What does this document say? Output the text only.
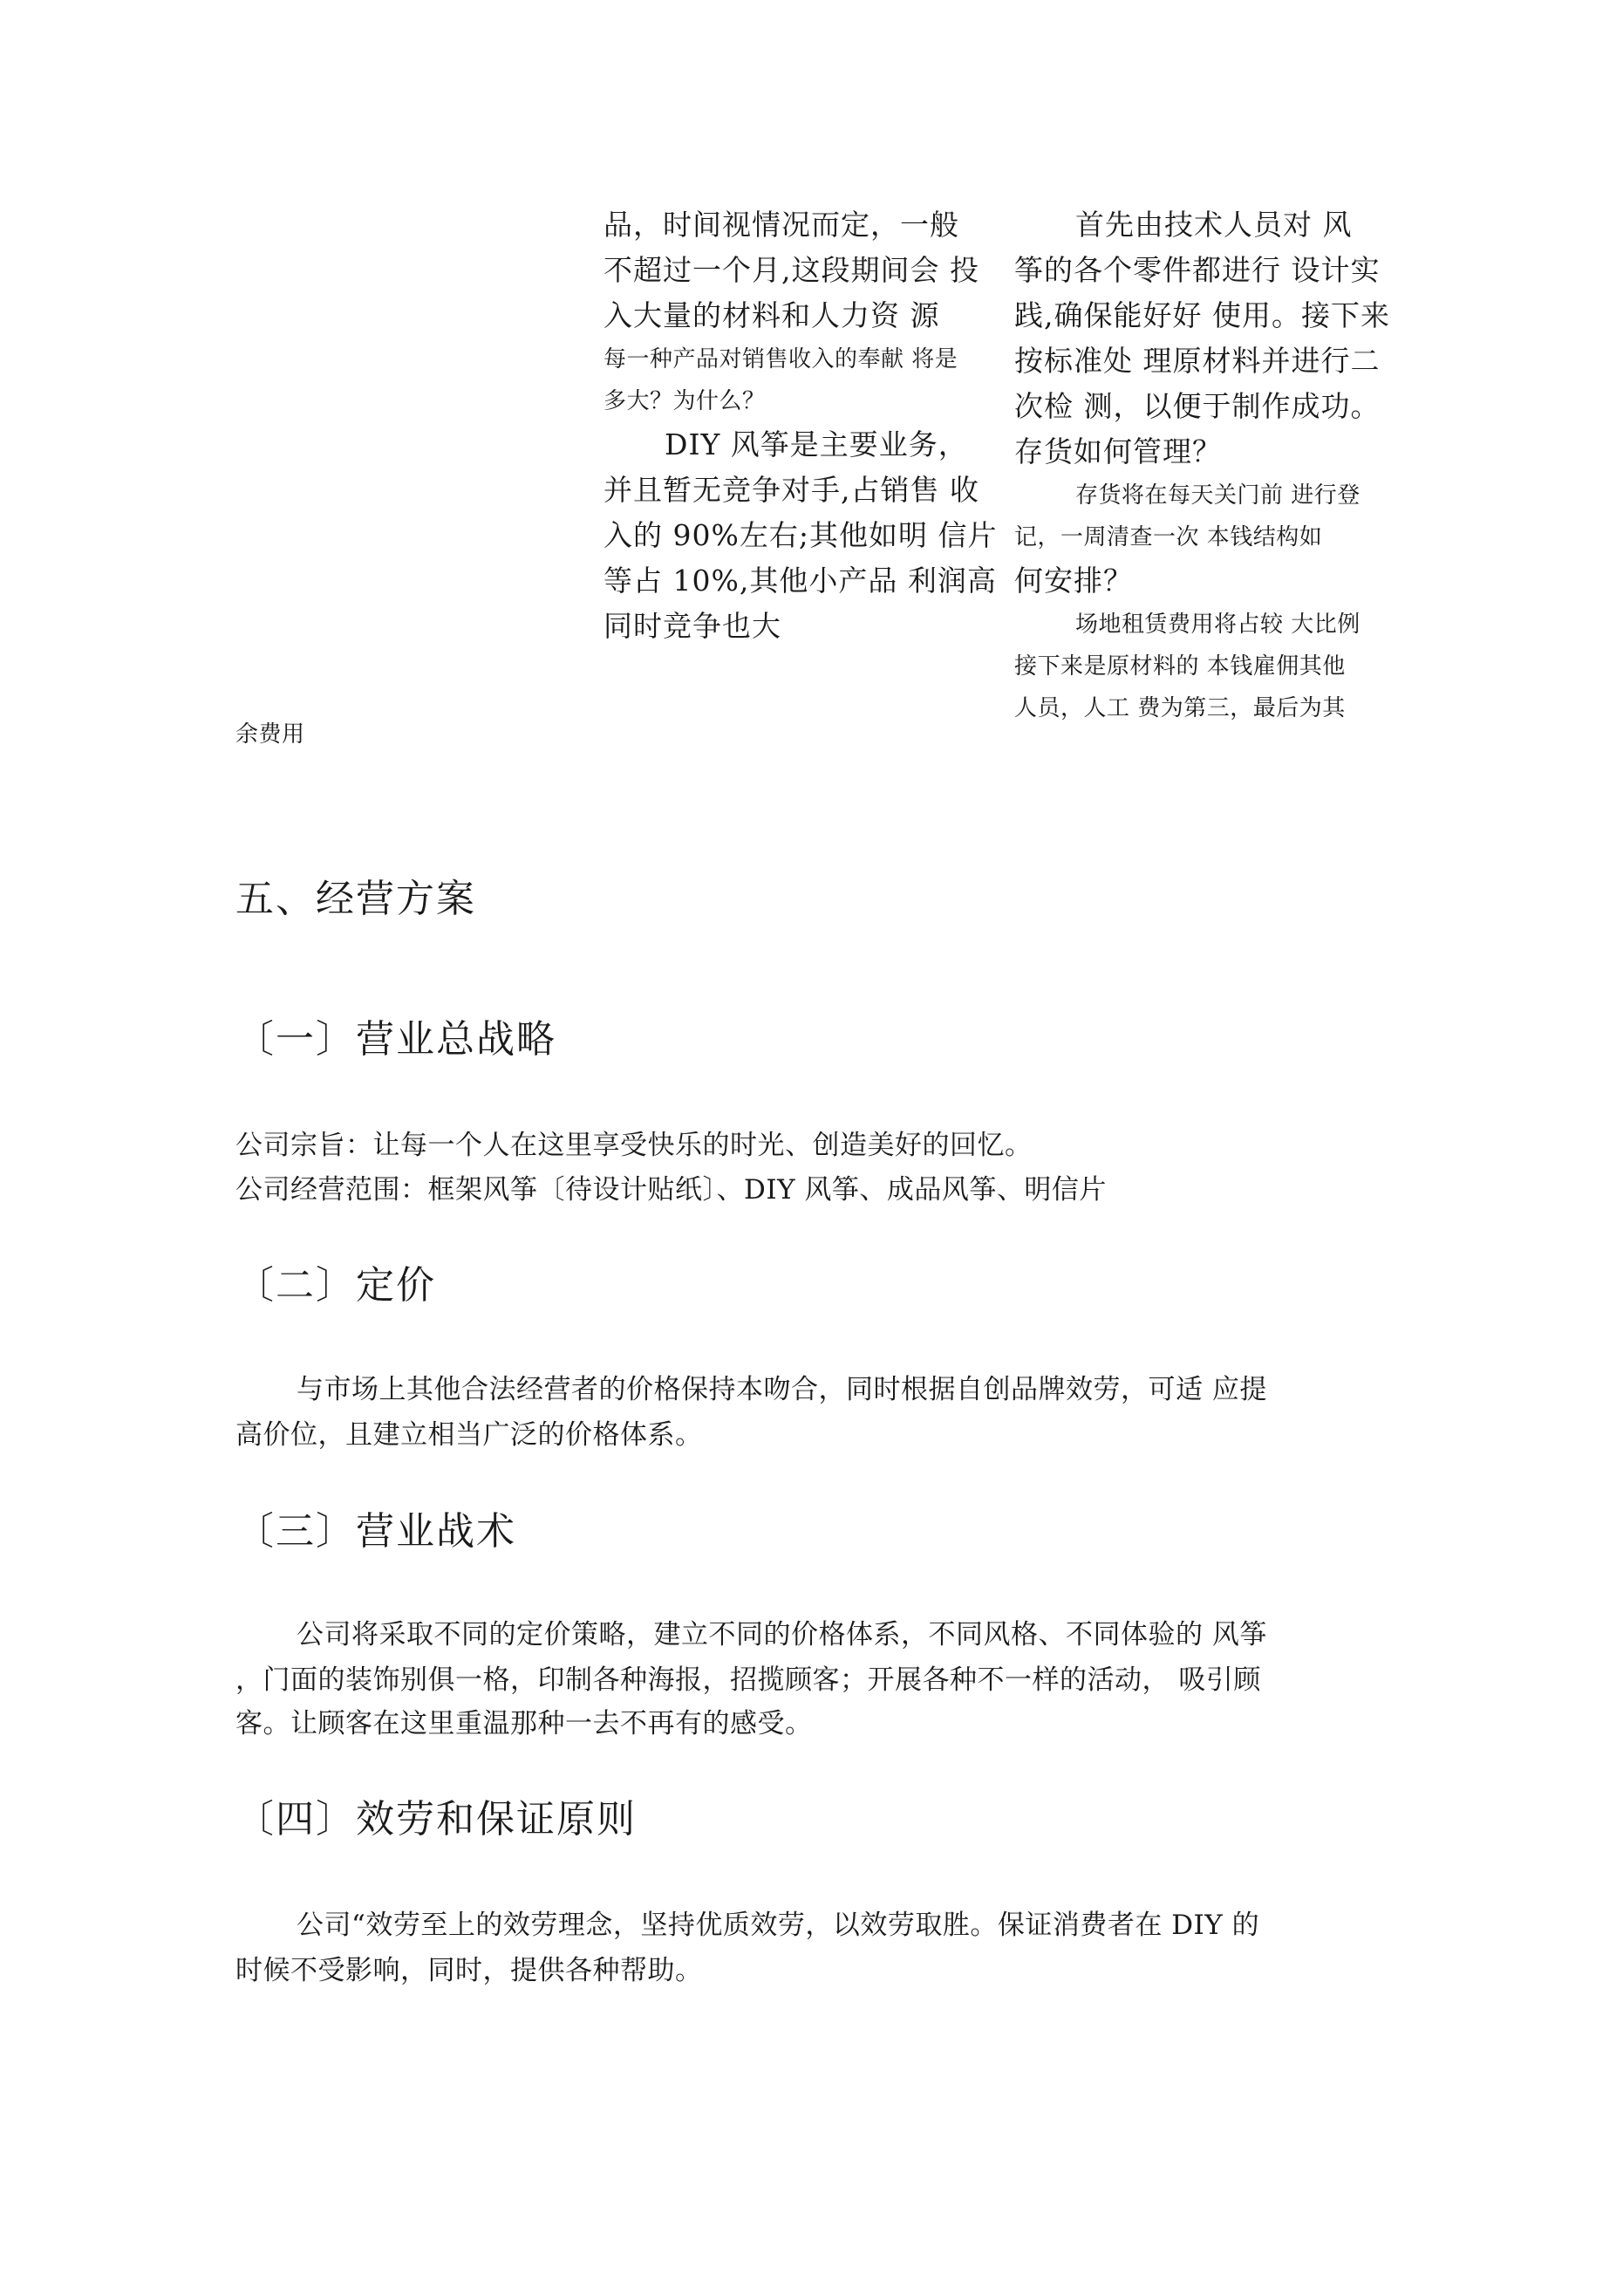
品，时间视情况而定，一般

不超过一个月,这段期间会 投

入大量的材料和人力资 源

每一种产品对销售收入的奉献 将是

多大？为什么？

DIY 风筝是主要业务，

并且暂无竞争对手,占销售 收

入的 90%左右;其他如明 信片

等占 10%,其他小产品 利润高

同时竞争也大

首先由技术人员对 风

筝的各个零件都进行 设计实

践,确保能好好 使用。接下来

按标准处 理原材料并进行二

次检 测，以便于制作成功。

存货如何管理？

存货将在每天关门前 进行登

记，一周清查一次 本钱结构如

何安排？

场地租赁费用将占较 大比例

接下来是原材料的 本钱雇佣其他

人员，人工 费为第三，最后为其

余费用

五、经营方案
〔一〕营业总战略

公司宗旨：让每一个人在这里享受快乐的时光、创造美好的回忆。

公司经营范围：框架风筝〔待设计贴纸〕、DIY 风筝、成品风筝、明信片

〔二〕定价

与市场上其他合法经营者的价格保持本吻合，同时根据自创品牌效劳，可适 应提

高价位，且建立相当广泛的价格体系。

〔三〕营业战术

公司将采取不同的定价策略，建立不同的价格体系，不同风格、不同体验的 风筝

，门面的装饰别俱一格，印制各种海报，招揽顾客；开展各种不一样的活动， 吸引顾

客。让顾客在这里重温那种一去不再有的感受。

〔四〕效劳和保证原则

公司“效劳至上的效劳理念，坚持优质效劳，以效劳取胜。保证消费者在 DIY 的

时候不受影响，同时，提供各种帮助。
